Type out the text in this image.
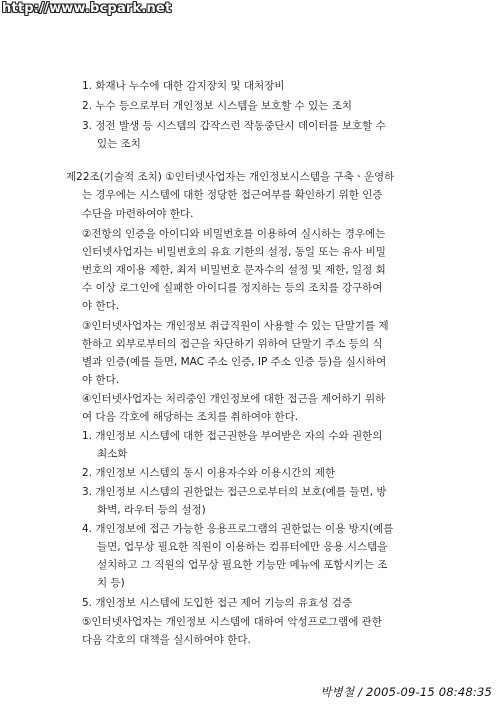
http://www.bcpark.net
1. 화재나 누수에 대한 감지장치 및 대처장비
2. 누수 등으로부터 개인정보 시스템을 보호할 수 있는 조치
3. 정전 발생 등 시스템의 갑작스런 작동중단시 데이터를 보호할 수
있는 조치
제22조(기술적 조치) ①인터넷사업자는 개인정보시스템을 구축ㆍ운영하
는 경우에는 시스템에 대한 정당한 접근여부를 확인하기 위한 인증
수단을 마련하여야 한다.
②전항의 인증을 아이디와 비밀번호를 이용하여 실시하는 경우에는
인터넷사업자는 비밀번호의 유효 기한의 설정, 동일 또는 유사 비밀
번호의 재이용 제한, 최저 비밀번호 문자수의 설정 및 제한, 일정 회
수 이상 로그인에 실패한 아이디를 정지하는 등의 조치를 강구하여
야 한다.
③인터넷사업자는 개인정보 취급직원이 사용할 수 있는 단말기를 제
한하고 외부로부터의 접근을 차단하기 위하여 단말기 주소 등의 식
별과 인증(예를 들면, MAC 주소 인증, IP 주소 인증 등)을 실시하여
야 한다.
④인터넷사업자는 처리중인 개인정보에 대한 접근을 제어하기 위하
여 다음 각호에 해당하는 조치를 취하여야 한다.
1. 개인정보 시스템에 대한 접근권한을 부여받은 자의 수와 권한의
최소화
2. 개인정보 시스템의 동시 이용자수와 이용시간의 제한
3. 개인정보 시스템의 권한없는 접근으로부터의 보호(예를 들면, 방
화벽, 라우터 등의 설정)
4. 개인정보에 접근 가능한 응용프로그램의 권한없는 이용 방지(예를
들면, 업무상 필요한 직원이 이용하는 컴퓨터에만 응용 시스템을
설치하고 그 직원의 업무상 필요한 기능만 메뉴에 포함시키는 조
치 등)
5. 개인정보 시스템에 도입한 접근 제어 기능의 유효성 검증
⑤인터넷사업자는 개인정보 시스템에 대하여 악성프로그램에 관한
다음 각호의 대책을 실시하여야 한다.
박병철 / 2005-09-15 08:48:35
